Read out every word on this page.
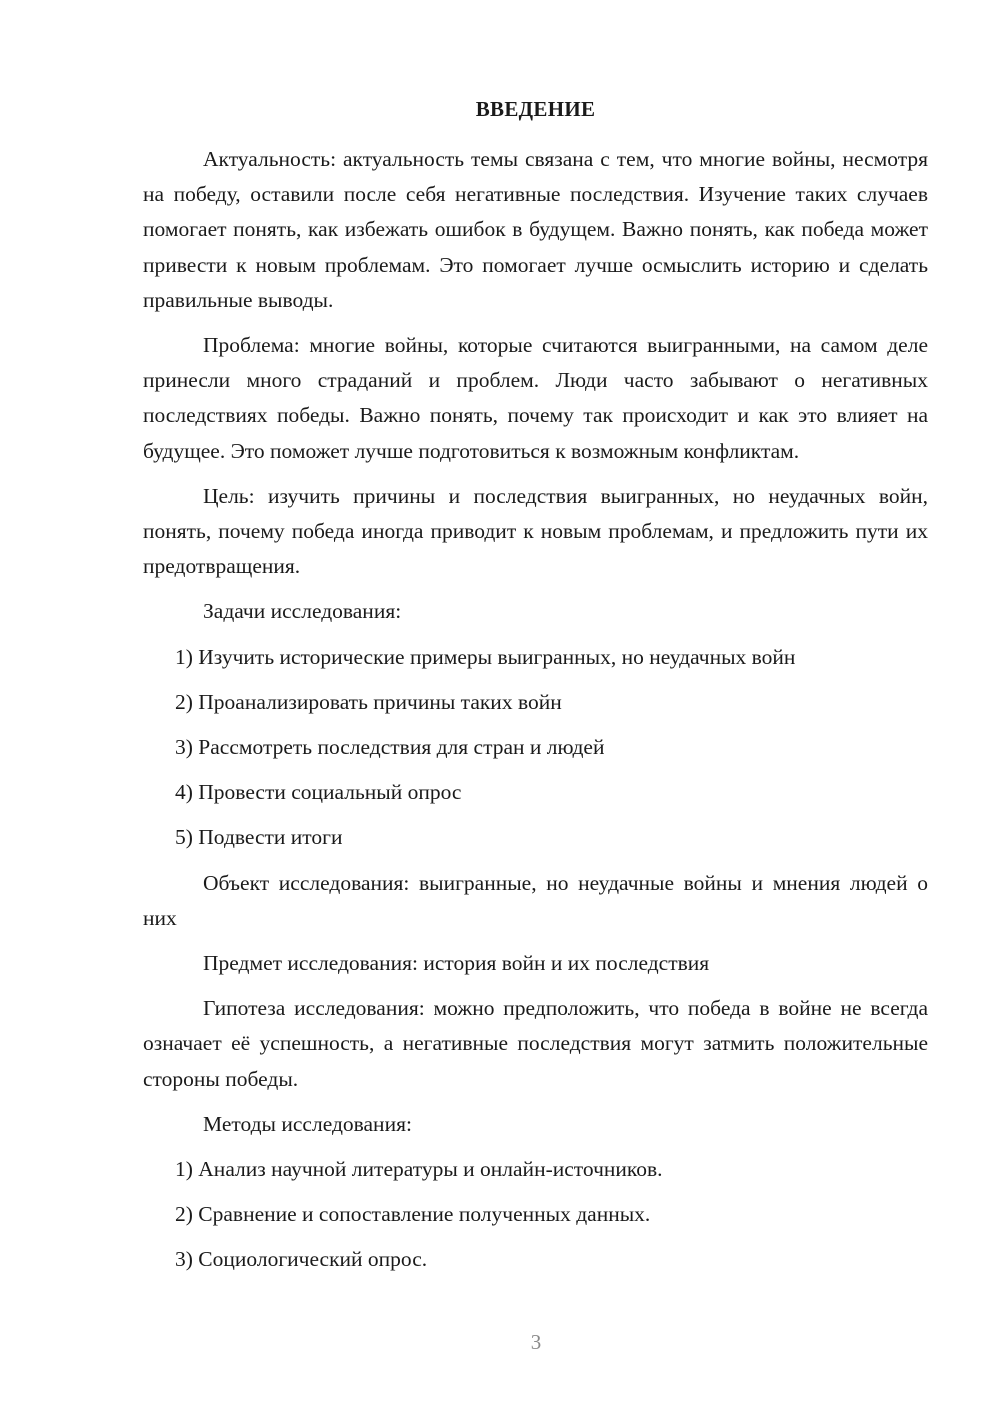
ВВЕДЕНИЕ

Актуальность: актуальность темы связана с тем, что многие войны, несмотря на победу, оставили после себя негативные последствия. Изучение таких случаев помогает понять, как избежать ошибок в будущем. Важно понять, как победа может привести к новым проблемам. Это помогает лучше осмыслить историю и сделать правильные выводы.

Проблема: многие войны, которые считаются выигранными, на самом деле принесли много страданий и проблем. Люди часто забывают о негативных последствиях победы. Важно понять, почему так происходит и как это влияет на будущее. Это поможет лучше подготовиться к возможным конфликтам.

Цель: изучить причины и последствия выигранных, но неудачных войн, понять, почему победа иногда приводит к новым проблемам, и предложить пути их предотвращения.

Задачи исследования:
1) Изучить исторические примеры выигранных, но неудачных войн
2) Проанализировать причины таких войн
3) Рассмотреть последствия для стран и людей
4) Провести социальный опрос
5) Подвести итоги

Объект исследования: выигранные, но неудачные войны и мнения людей о них

Предмет исследования: история войн и их последствия

Гипотеза исследования: можно предположить, что победа в войне не всегда означает её успешность, а негативные последствия могут затмить положительные стороны победы.

Методы исследования:
1) Анализ научной литературы и онлайн-источников.
2) Сравнение и сопоставление полученных данных.
3) Социологический опрос.
3
